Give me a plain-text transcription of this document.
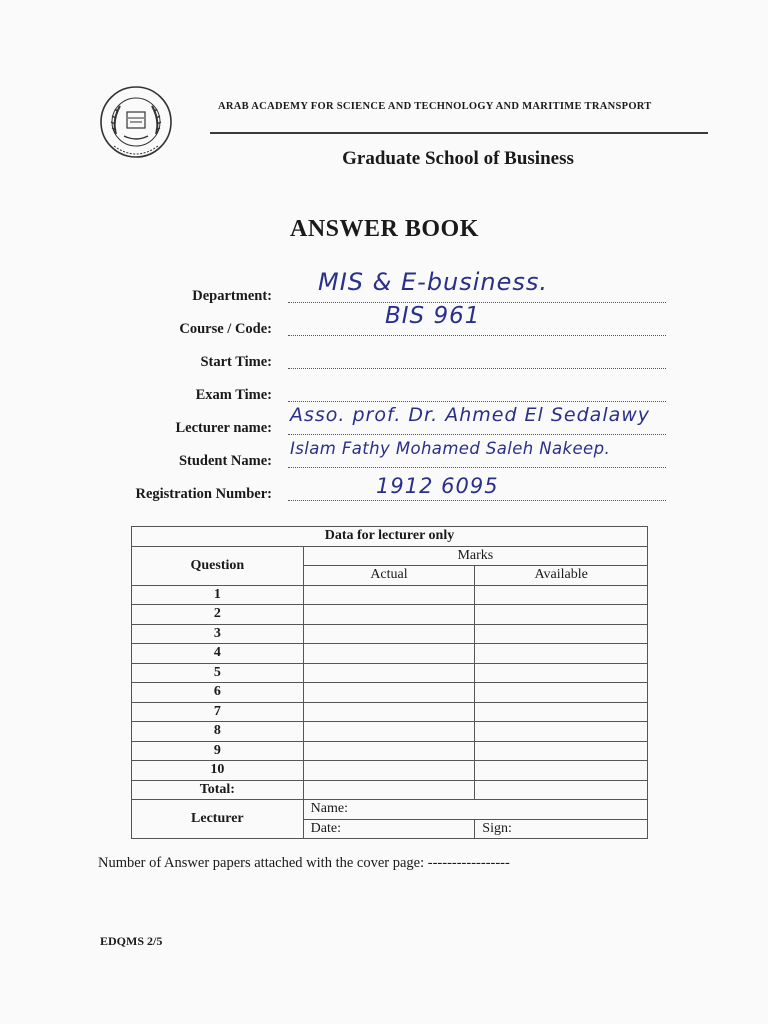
ARAB ACADEMY FOR SCIENCE AND TECHNOLOGY AND MARITIME TRANSPORT
Graduate School of Business
ANSWER BOOK
Department: MIS & E-business.
Course / Code:	BIS 961
Start Time:
Exam Time:
Lecturer name:
Asso. prof. Dr. Ahmed El Sedalawy
Student Name:
Islam Fathy Mohamed Saleh Nakeep.
Registration Number:	1912 6095
Data for lecturer only		
Question	Marks	
	Actual	Available
1		
2		
3		
4		
5		
6		
7		
8		
9		
10		
Total:		
Lecturer	Name:	
	Date:	Sign:
Number of Answer papers attached with the cover page: -----------------
EDQMS 2/5
